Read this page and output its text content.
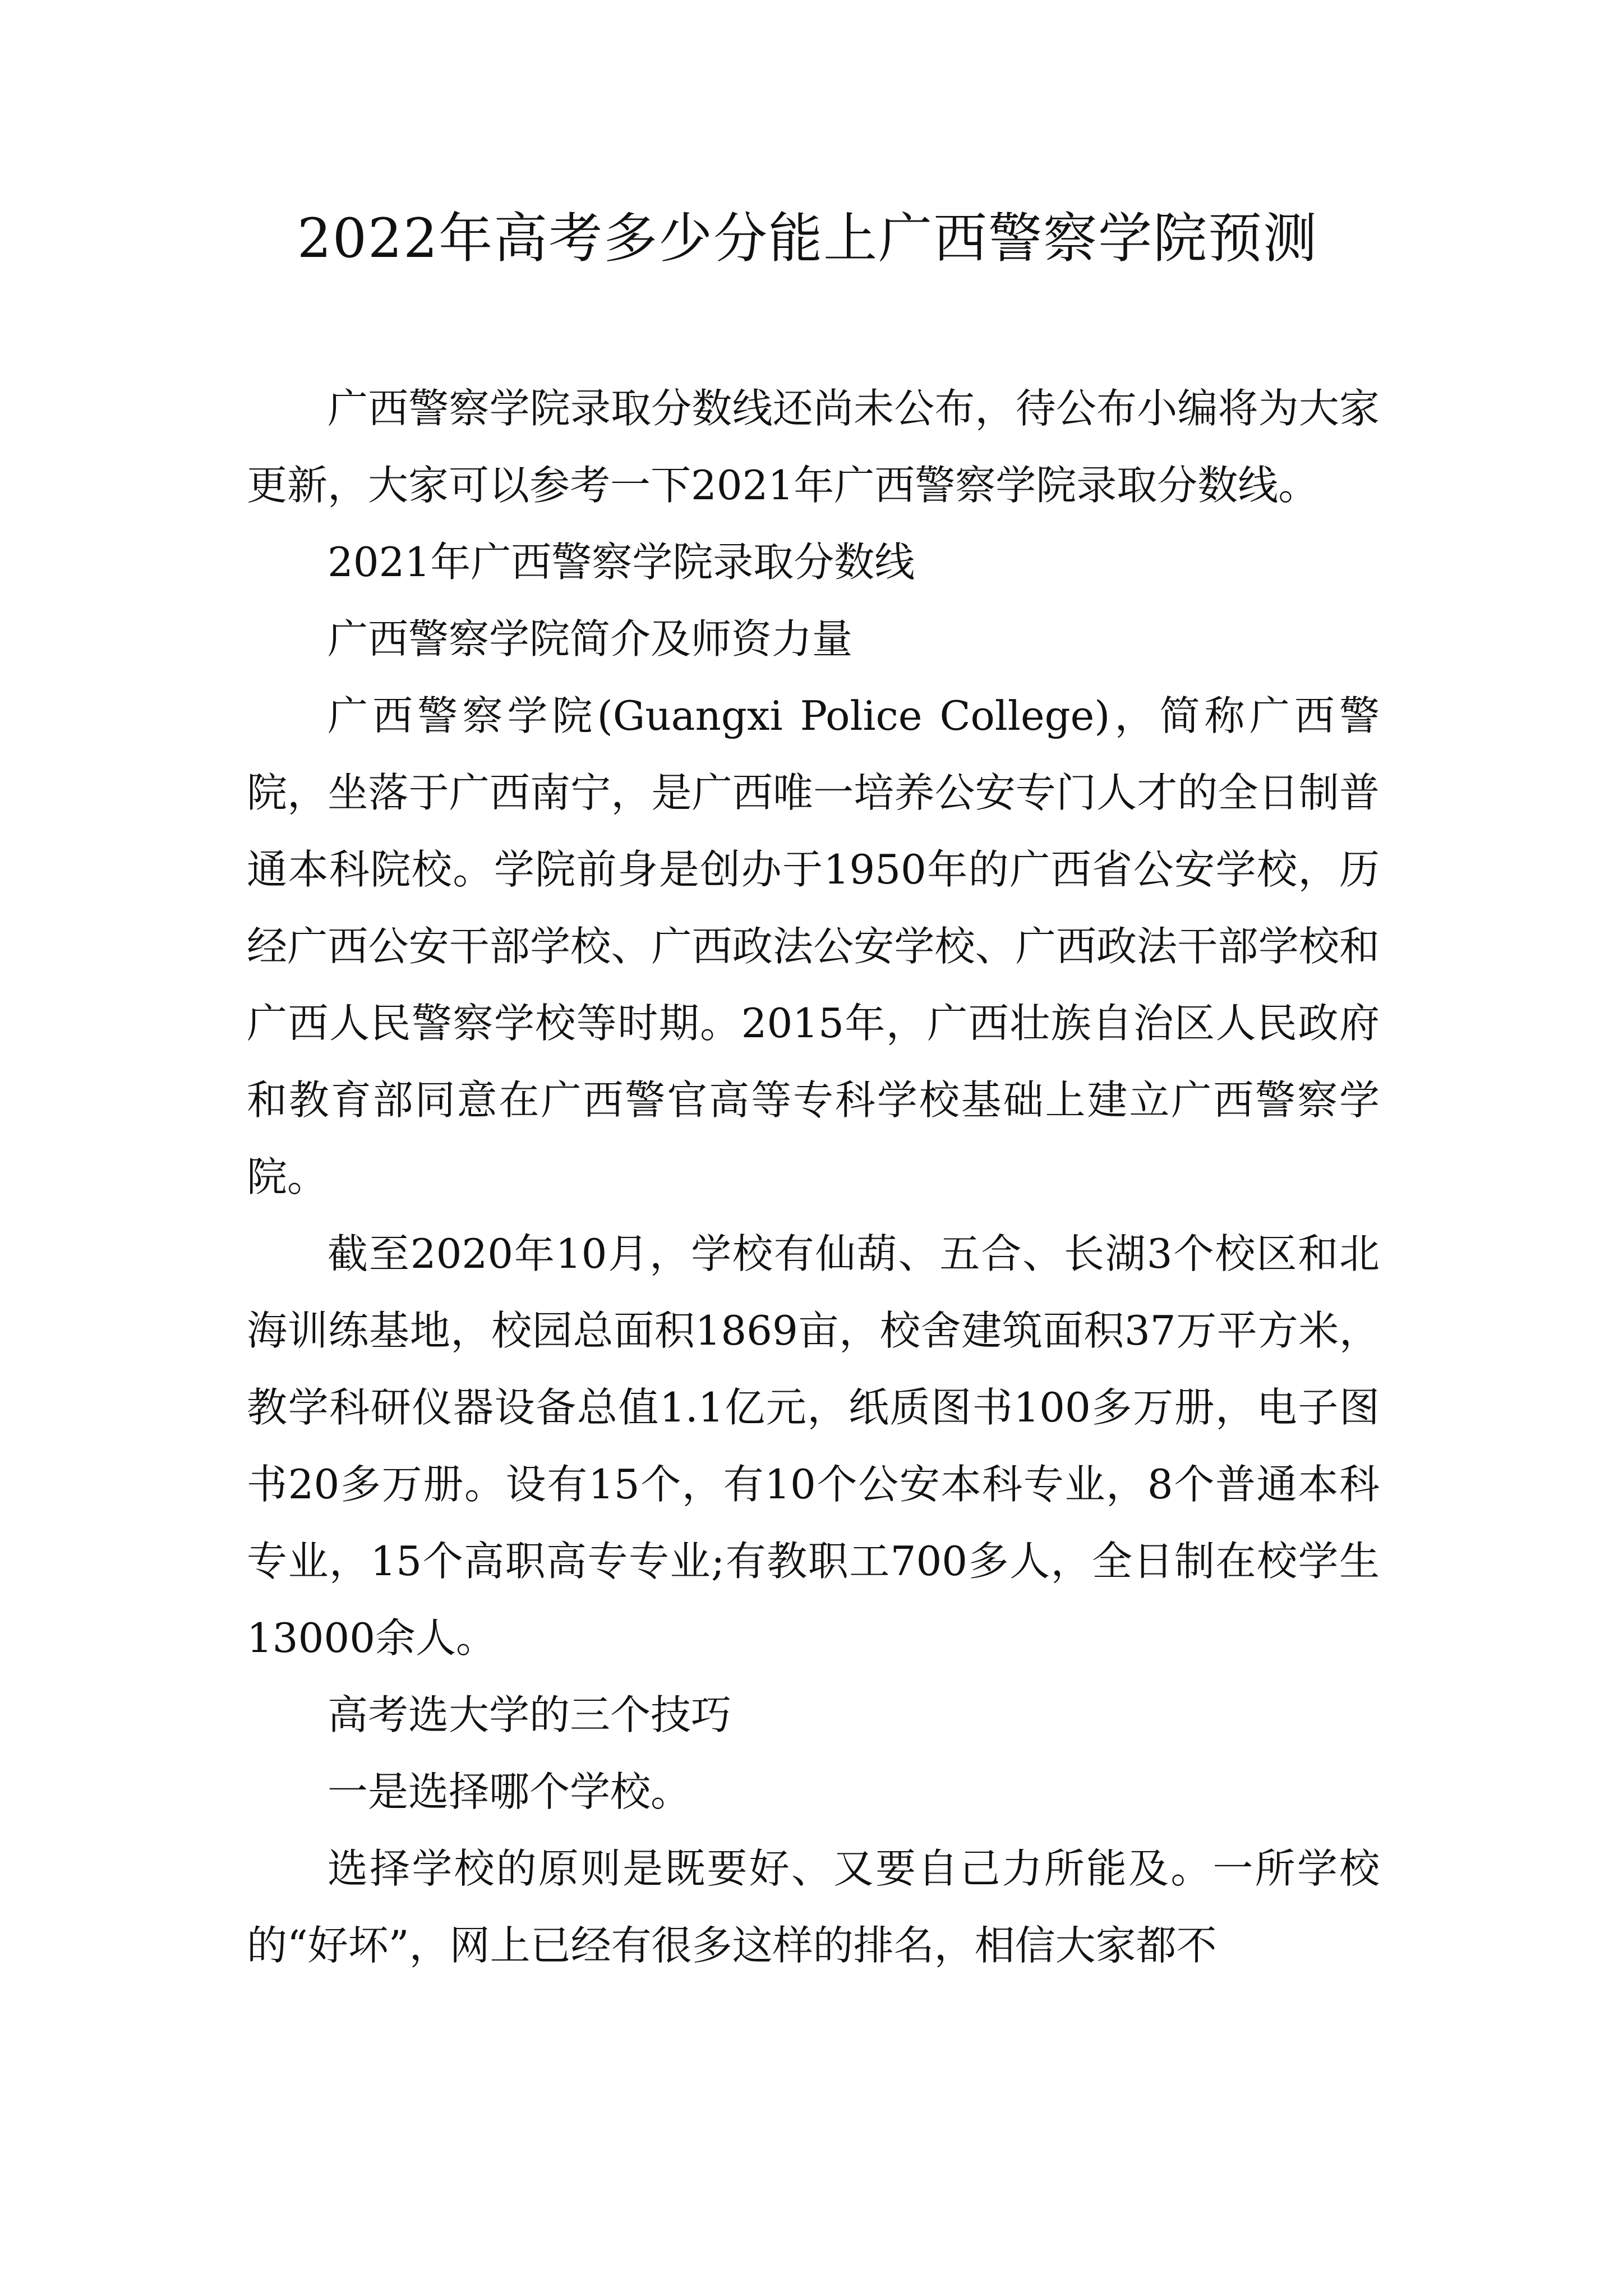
2022年高考多少分能上广西警察学院预测

广西警察学院录取分数线还尚未公布，待公布小编将为大家更新，大家可以参考一下2021年广西警察学院录取分数线。

2021年广西警察学院录取分数线

广西警察学院简介及师资力量

广西警察学院(Guangxi Police College)，简称广西警院，坐落于广西南宁，是广西唯一培养公安专门人才的全日制普通本科院校。学院前身是创办于1950年的广西省公安学校，历经广西公安干部学校、广西政法公安学校、广西政法干部学校和广西人民警察学校等时期。2015年，广西壮族自治区人民政府和教育部同意在广西警官高等专科学校基础上建立广西警察学院。

截至2020年10月，学校有仙葫、五合、长湖3个校区和北海训练基地，校园总面积1869亩，校舍建筑面积37万平方米，教学科研仪器设备总值1.1亿元，纸质图书100多万册，电子图书20多万册。设有15个，有10个公安本科专业，8个普通本科专业，15个高职高专专业;有教职工700多人，全日制在校学生13000余人。

高考选大学的三个技巧

一是选择哪个学校。

选择学校的原则是既要好、又要自己力所能及。一所学校的“好坏”，网上已经有很多这样的排名，相信大家都不
